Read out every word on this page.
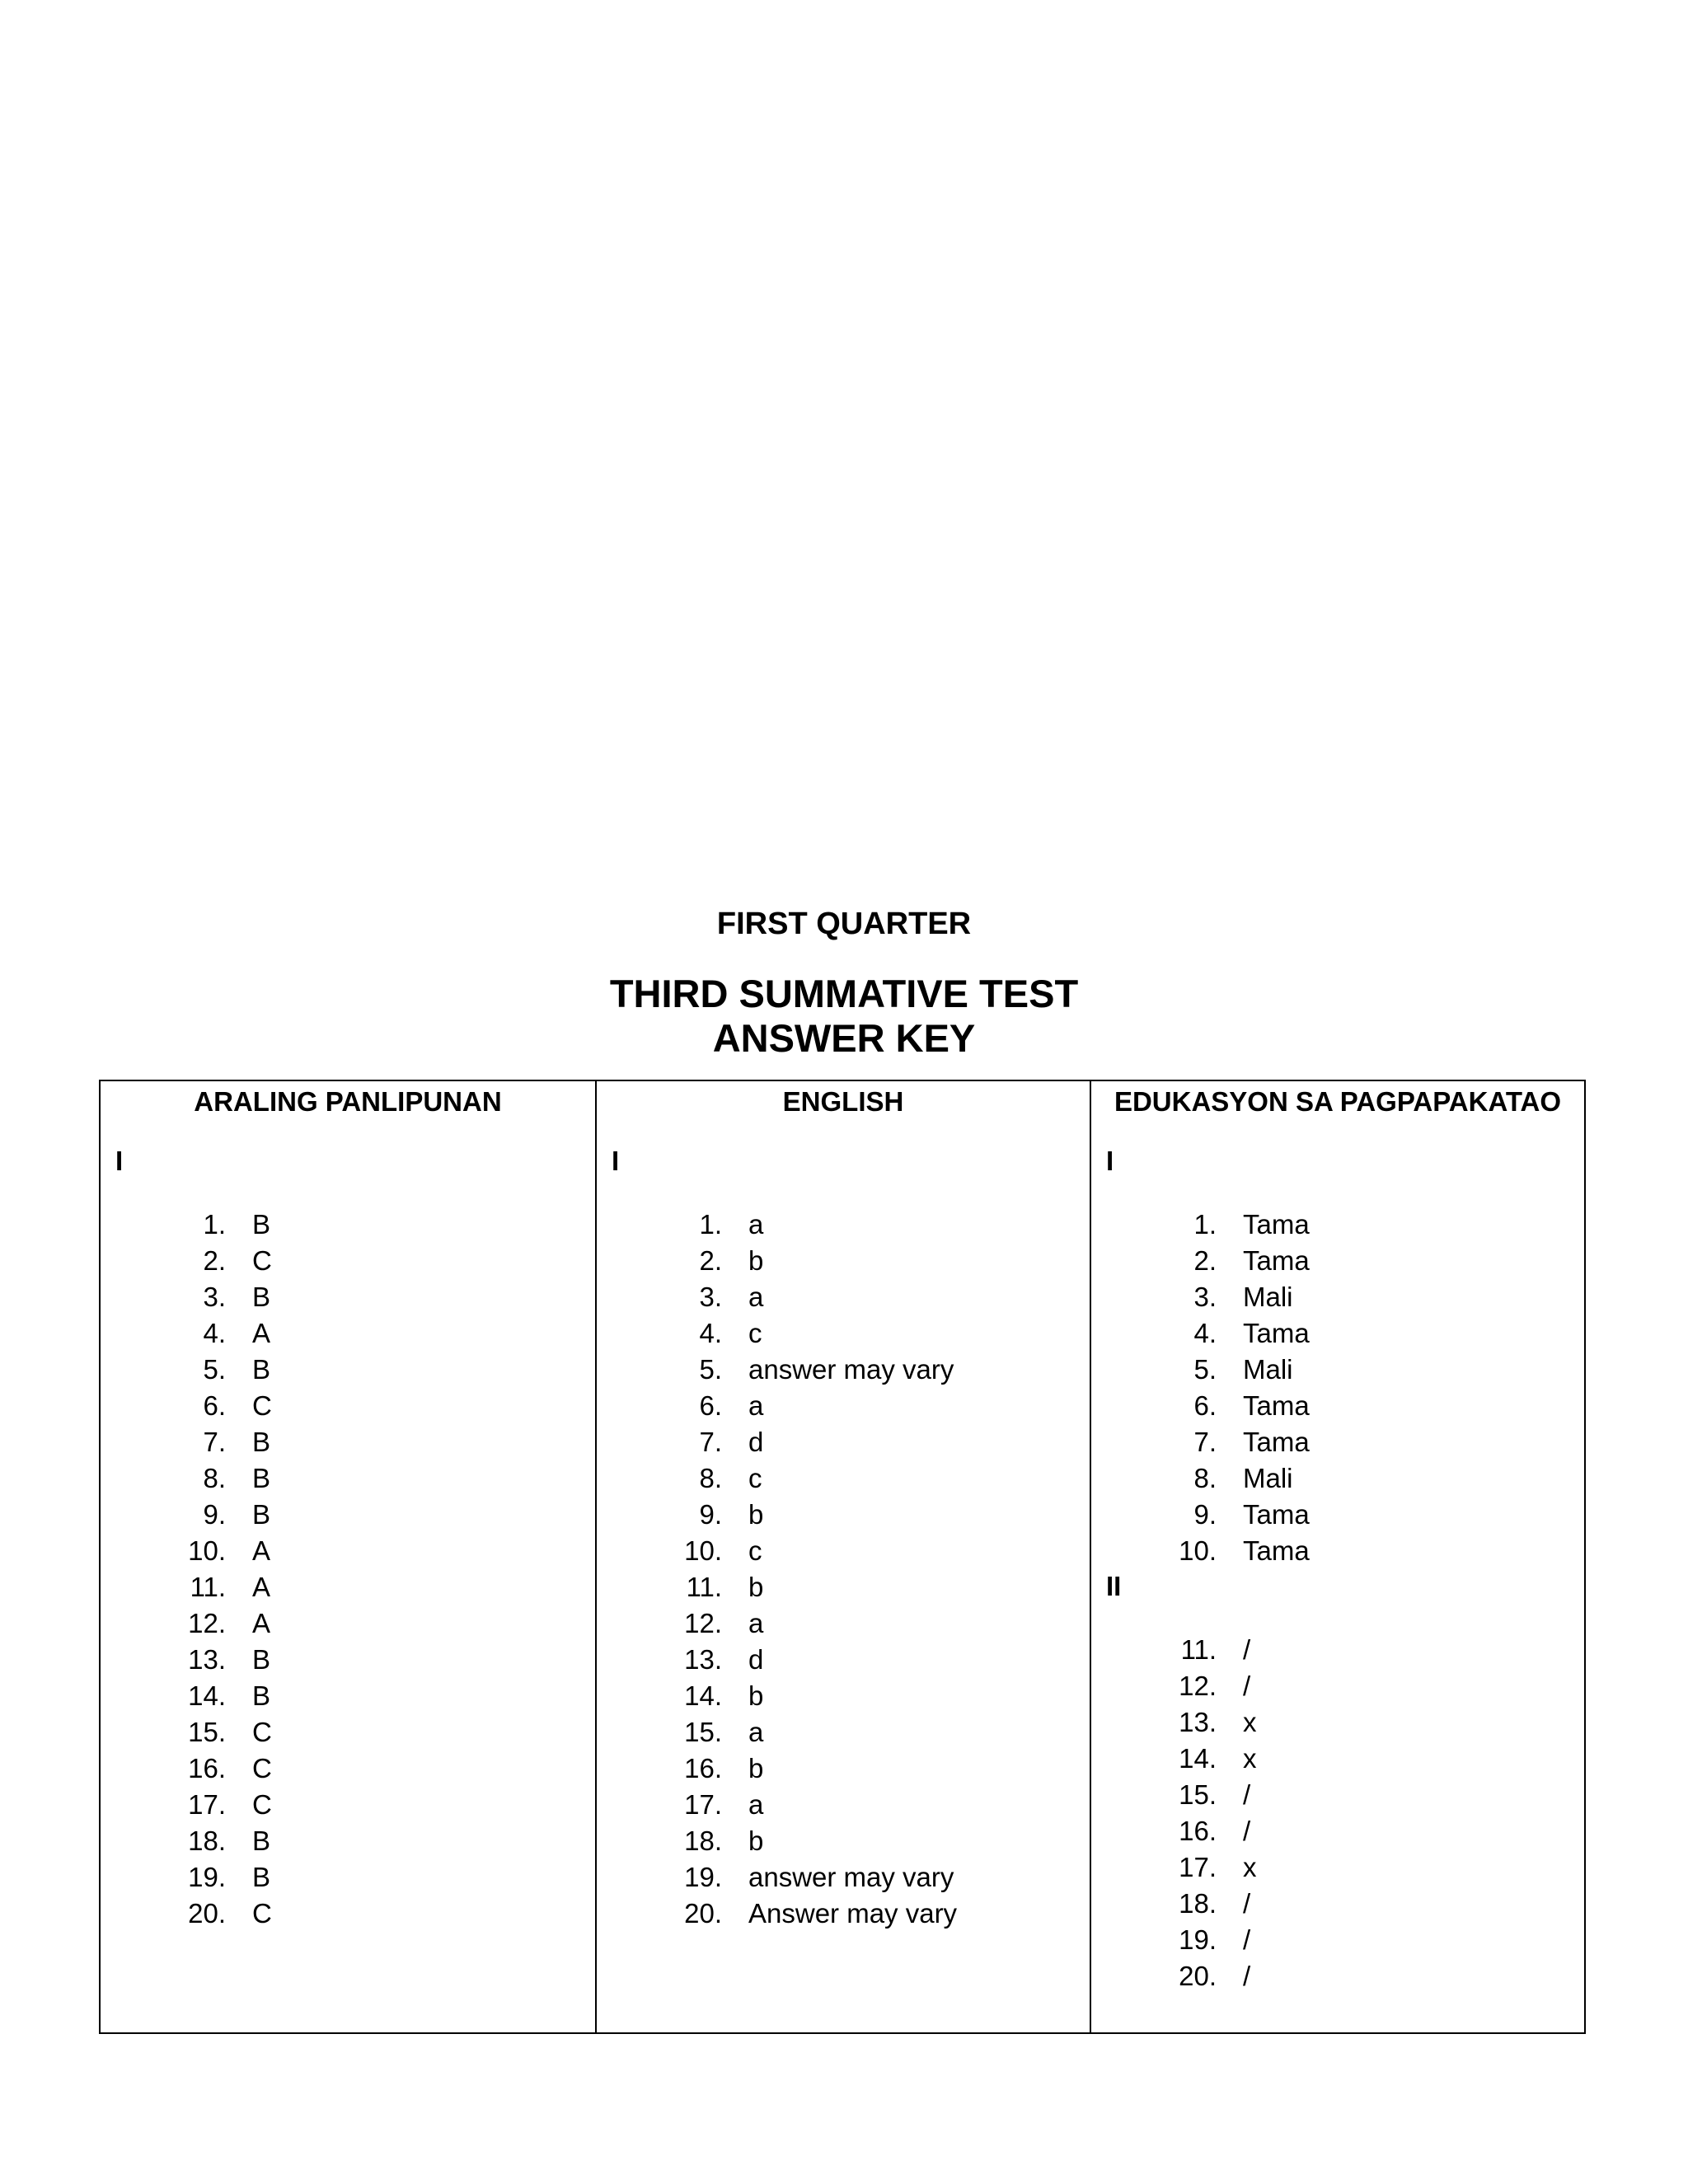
FIRST QUARTER
THIRD SUMMATIVE TEST
ANSWER KEY
ARALING PANLIPUNAN
I
1. B
2. C
3. B
4. A
5. B
6. C
7. B
8. B
9. B
10. A
11. A
12. A
13. B
14. B
15. C
16. C
17. C
18. B
19. B
20. C
ENGLISH
I
1. a
2. b
3. a
4. c
5. answer may vary
6. a
7. d
8. c
9. b
10. c
11. b
12. a
13. d
14. b
15. a
16. b
17. a
18. b
19.answer may vary
20. Answer may vary
EDUKASYON SA PAGPAPAKATAO
I
1. Tama
2. Tama
3. Mali
4. Tama
5. Mali
6. Tama
7. Tama
8. Mali
9. Tama
10. Tama
II
11. /
12. /
13. x
14. x
15. /
16. /
17. x
18. /
19. /
20. /
